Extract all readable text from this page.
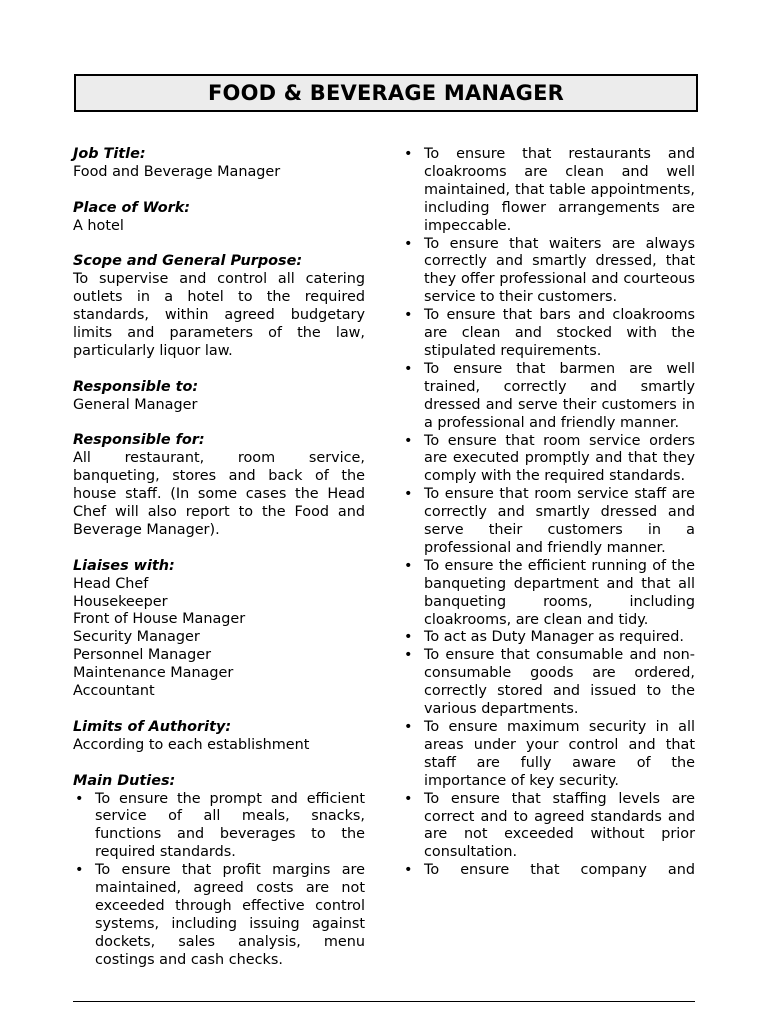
FOOD & BEVERAGE MANAGER
Job Title:
Food and Beverage Manager
Place of Work:
A hotel
Scope and General Purpose:
To supervise and control all catering outlets in a hotel to the required standards, within agreed budgetary limits and parameters of the law, particularly liquor law.
Responsible to:
General Manager
Responsible for:
All restaurant, room service, banqueting, stores and back of the house staff. (In some cases the Head Chef will also report to the Food and Beverage Manager).
Liaises with:
Head Chef
Housekeeper
Front of House Manager
Security Manager
Personnel Manager
Maintenance Manager
Accountant
Limits of Authority:
According to each establishment
Main Duties:
• To ensure the prompt and efficient service of all meals, snacks, functions and beverages to the required standards.
• To ensure that profit margins are maintained, agreed costs are not exceeded through effective control systems, including issuing against dockets, sales analysis, menu costings and cash checks.
• To ensure that restaurants and cloakrooms are clean and well maintained, that table appointments, including flower arrangements are impeccable.
• To ensure that waiters are always correctly and smartly dressed, that they offer professional and courteous service to their customers.
• To ensure that bars and cloakrooms are clean and stocked with the stipulated requirements.
• To ensure that barmen are well trained, correctly and smartly dressed and serve their customers in a professional and friendly manner.
• To ensure that room service orders are executed promptly and that they comply with the required standards.
• To ensure that room service staff are correctly and smartly dressed and serve their customers in a professional and friendly manner.
• To ensure the efficient running of the banqueting department and that all banqueting rooms, including cloakrooms, are clean and tidy.
• To act as Duty Manager as required.
• To ensure that consumable and non-consumable goods are ordered, correctly stored and issued to the various departments.
• To ensure maximum security in all areas under your control and that staff are fully aware of the importance of key security.
• To ensure that staffing levels are correct and to agreed standards and are not exceeded without prior consultation.
• To ensure that company and
